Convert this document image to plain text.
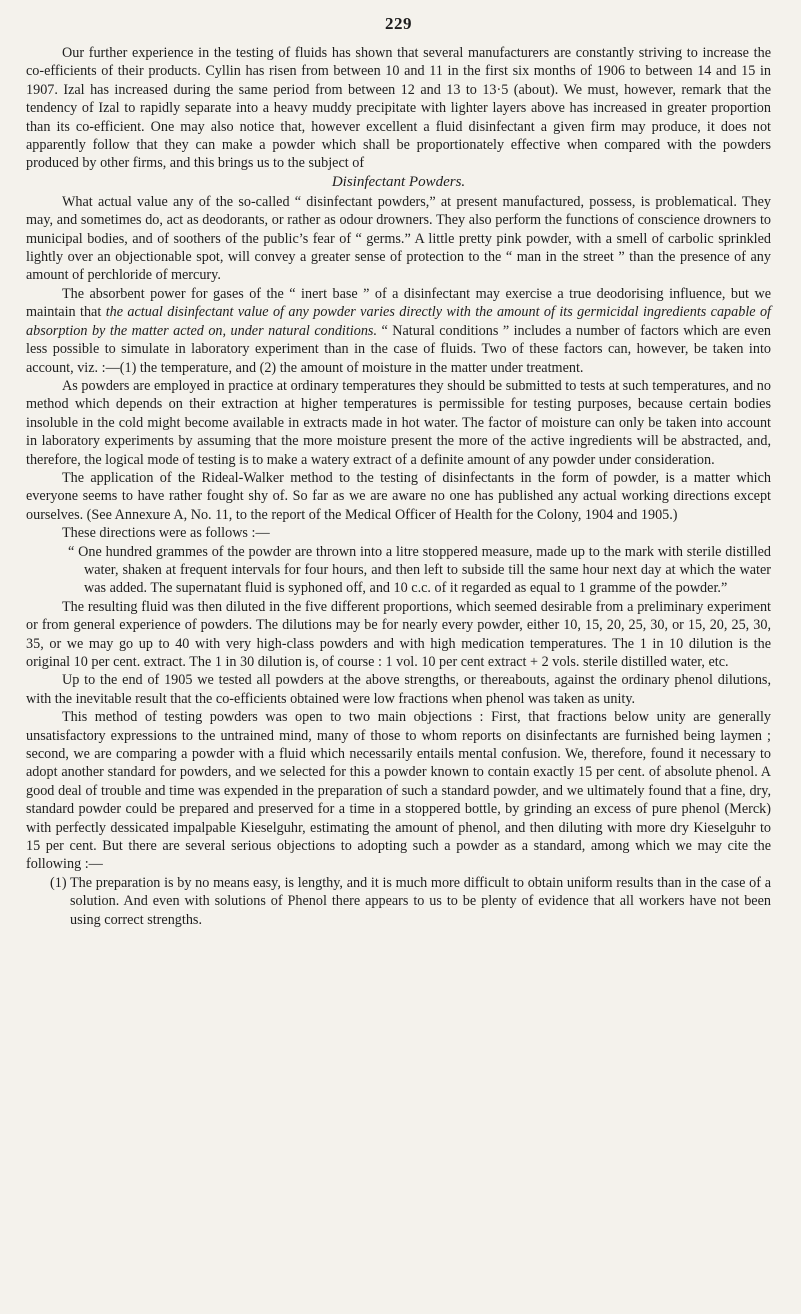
229

Our further experience in the testing of fluids has shown that several manufacturers are constantly striving to increase the co-efficients of their products. Cyllin has risen from between 10 and 11 in the first six months of 1906 to between 14 and 15 in 1907. Izal has increased during the same period from between 12 and 13 to 13·5 (about). We must, however, remark that the tendency of Izal to rapidly separate into a heavy muddy precipitate with lighter layers above has increased in greater proportion than its co-efficient. One may also notice that, however excellent a fluid disinfectant a given firm may produce, it does not apparently follow that they can make a powder which shall be proportionately effective when compared with the powders produced by other firms, and this brings us to the subject of

Disinfectant Powders.

What actual value any of the so-called “ disinfectant powders,” at present manufactured, possess, is problematical. They may, and sometimes do, act as deodorants, or rather as odour drowners. They also perform the functions of conscience drowners to municipal bodies, and of soothers of the public’s fear of “ germs.” A little pretty pink powder, with a smell of carbolic sprinkled lightly over an objectionable spot, will convey a greater sense of protection to the “ man in the street ” than the presence of any amount of perchloride of mercury.

The absorbent power for gases of the “ inert base ” of a disinfectant may exercise a true deodorising influence, but we maintain that the actual disinfectant value of any powder varies directly with the amount of its germicidal ingredients capable of absorption by the matter acted on, under natural conditions. “ Natural conditions ” includes a number of factors which are even less possible to simulate in laboratory experiment than in the case of fluids. Two of these factors can, however, be taken into account, viz. :—(1) the temperature, and (2) the amount of moisture in the matter under treatment.

As powders are employed in practice at ordinary temperatures they should be submitted to tests at such temperatures, and no method which depends on their extraction at higher temperatures is permissible for testing purposes, because certain bodies insoluble in the cold might become available in extracts made in hot water. The factor of moisture can only be taken into account in laboratory experiments by assuming that the more moisture present the more of the active ingredients will be abstracted, and, therefore, the logical mode of testing is to make a watery extract of a definite amount of any powder under consideration.

The application of the Rideal-Walker method to the testing of disinfectants in the form of powder, is a matter which everyone seems to have rather fought shy of. So far as we are aware no one has published any actual working directions except ourselves. (See Annexure A, No. 11, to the report of the Medical Officer of Health for the Colony, 1904 and 1905.)

These directions were as follows :—

“ One hundred grammes of the powder are thrown into a litre stoppered measure, made up to the mark with sterile distilled water, shaken at frequent intervals for four hours, and then left to subside till the same hour next day at which the water was added. The supernatant fluid is syphoned off, and 10 c.c. of it regarded as equal to 1 gramme of the powder.”

The resulting fluid was then diluted in the five different proportions, which seemed desirable from a preliminary experiment or from general experience of powders. The dilutions may be for nearly every powder, either 10, 15, 20, 25, 30, or 15, 20, 25, 30, 35, or we may go up to 40 with very high-class powders and with high medication temperatures. The 1 in 10 dilution is the original 10 per cent. extract. The 1 in 30 dilution is, of course : 1 vol. 10 per cent extract + 2 vols. sterile distilled water, etc.

Up to the end of 1905 we tested all powders at the above strengths, or thereabouts, against the ordinary phenol dilutions, with the inevitable result that the co-efficients obtained were low fractions when phenol was taken as unity.

This method of testing powders was open to two main objections : First, that fractions below unity are generally unsatisfactory expressions to the untrained mind, many of those to whom reports on disinfectants are furnished being laymen ; second, we are comparing a powder with a fluid which necessarily entails mental confusion. We, therefore, found it necessary to adopt another standard for powders, and we selected for this a powder known to contain exactly 15 per cent. of absolute phenol. A good deal of trouble and time was expended in the preparation of such a standard powder, and we ultimately found that a fine, dry, standard powder could be prepared and preserved for a time in a stoppered bottle, by grinding an excess of pure phenol (Merck) with perfectly dessicated impalpable Kieselguhr, estimating the amount of phenol, and then diluting with more dry Kieselguhr to 15 per cent. But there are several serious objections to adopting such a powder as a standard, among which we may cite the following :—

(1) The preparation is by no means easy, is lengthy, and it is much more difficult to obtain uniform results than in the case of a solution. And even with solutions of Phenol there appears to us to be plenty of evidence that all workers have not been using correct strengths.
